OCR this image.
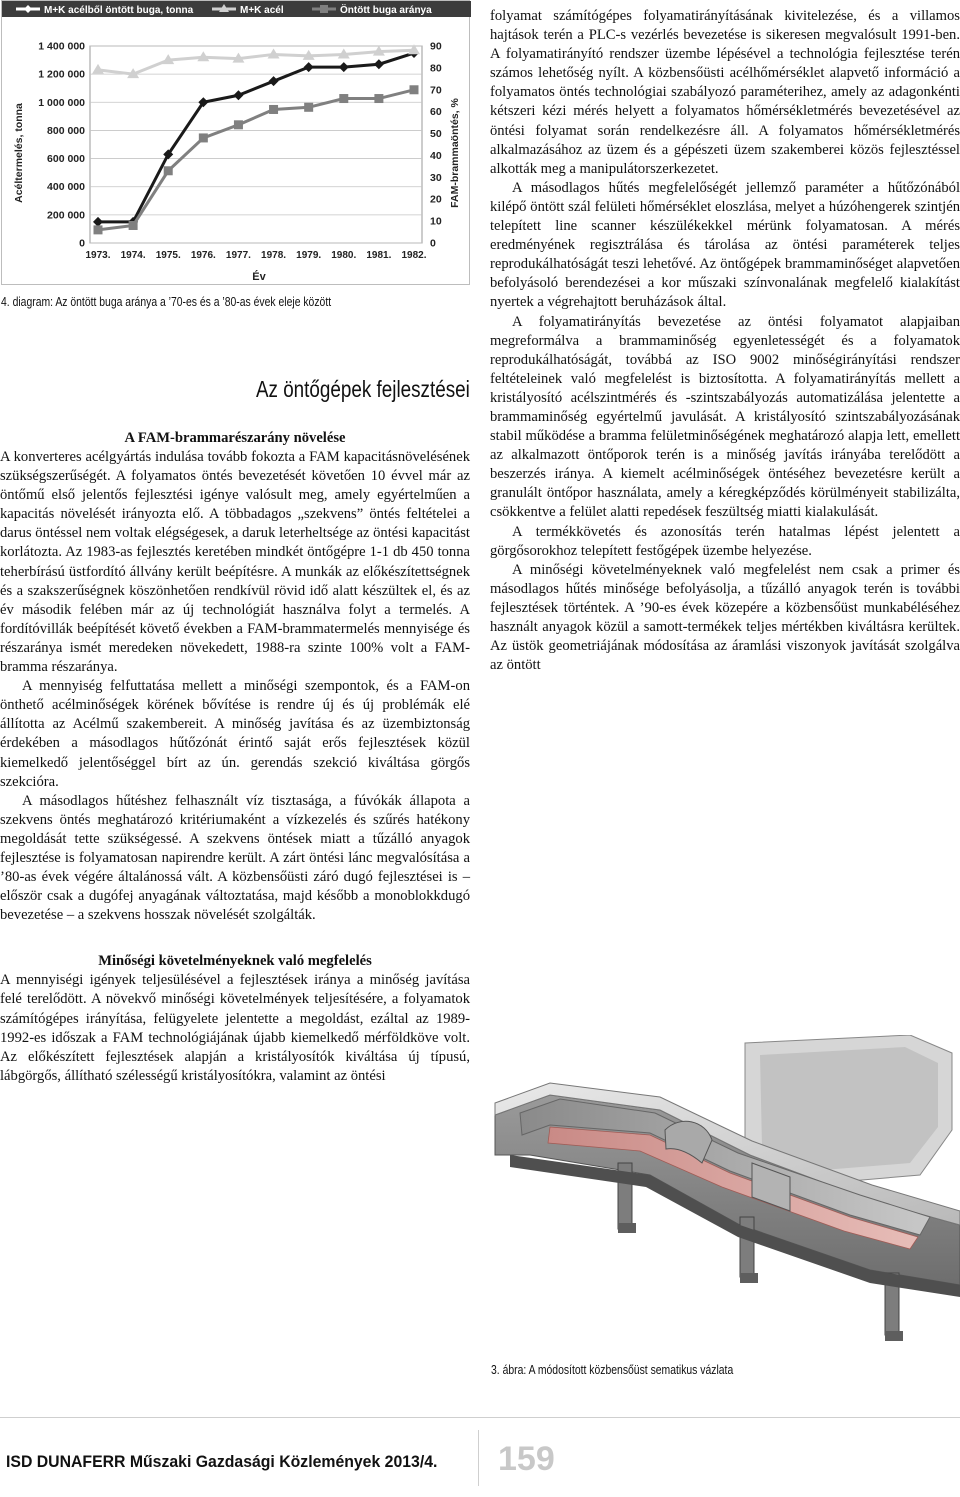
M+K acélből öntött buga, tonna	M+K acél	Öntött buga aránya
0
200 000
400 000
600 000
800 000
1 000 000
1 200 000
1 400 000
0
10
20
30
40
50
60
70
80
90
1973. 1974. 1975. 1976. 1977. 1978. 1979. 1980. 1981. 1982.
Acéltermelés, tonna	FAM-brammaöntés, %
Év
4. diagram: Az öntött buga aránya a ’70-es és a ’80-as évek eleje között
Az öntőgépek fejlesztései
A FAM-brammarészarány növelése

A konverteres acélgyártás indulása tovább fokozta a FAM kapacitásnövelésének szükségszerűségét. A folyamatos öntés bevezetését követően 10 évvel már az öntőmű első jelentős fejlesztési igénye valósult meg, amely egyértelműen a kapacitás növelését irányozta elő. A többadagos „szekvens” öntés feltételei a darus öntéssel nem voltak elégségesek, a daruk leterheltsége az öntési kapacitást korlátozta. Az 1983-as fejlesztés keretében mindkét öntőgépre 1-1 db 450 tonna teherbírású üstfordító állvány került beépítésre. A munkák az előkészítettségnek és a szakszerűségnek köszönhetően rendkívül rövid idő alatt készültek el, és az év második felében már az új technológiát használva folyt a termelés. A fordítóvillák beépítését követő években a FAM-brammatermelés mennyisége és részaránya ismét meredeken növekedett, 1988-ra szinte 100% volt a FAM-bramma részaránya.

A mennyiség felfuttatása mellett a minőségi szempontok, és a FAM-on önthető acélminőségek körének bővítése is rendre új és új problémák elé állította az Acélmű szakembereit. A minőség javítása és az üzembiztonság érdekében a másodlagos hűtőzónát érintő saját erős fejlesztések közül kiemelkedő jelentőséggel bírt az ún. gerendás szekció kiváltása görgős szekcióra.

A másodlagos hűtéshez felhasznált víz tisztasága, a fúvókák állapota a szekvens öntés meghatározó kritériumaként a vízkezelés és szűrés hatékony megoldását tette szükségessé. A szekvens öntések miatt a tűzálló anyagok fejlesztése is folyamatosan napirendre került. A zárt öntési lánc megvalósítása a ’80-as évek végére általánossá vált. A közbensőüsti záró dugó fejlesztései is – először csak a dugófej anyagának változtatása, majd később a monoblokkdugó bevezetése – a szekvens hosszak növelését szolgálták.

Minőségi követelményeknek való megfelelés

A mennyiségi igények teljesülésével a fejlesztések iránya a minőség javítása felé terelődött. A növekvő minőségi követelmények teljesítésére, a folyamatok számítógépes irányítása, felügyelete jelentette a megoldást, ezáltal az 1989-1992-es időszak a FAM technológiájának újabb kiemelkedő mérföldköve volt. Az előkészített fejlesztések alapján a kristályosítók kiváltása új típusú, lábgörgős, állítható szélességű kristályosítókra, valamint az öntési

folyamat számítógépes folyamatirányításának kivitelezése, és a villamos hajtások terén a PLC-s vezérlés bevezetése is sikeresen megvalósult 1991-ben. A folyamatirányító rendszer üzembe lépésével a technológia fejlesztése terén számos lehetőség nyílt. A közbensőüsti acélhőmérséklet alapvető információ a folyamatos öntés technológiai szabályozó paraméterihez, amely az adagonkénti kétszeri kézi mérés helyett a folyamatos hőmérsékletmérés bevezetésével az öntési folyamat során rendelkezésre áll. A folyamatos hőmérsékletmérés alkalmazásához az üzem és a gépészeti üzem szakemberei közös fejlesztéssel alkották meg a manipulátorszerkezetet.

A másodlagos hűtés megfelelőségét jellemző paraméter a hűtőzónából kilépő öntött szál felületi hőmérséklet eloszlása, melyet a húzóhengerek szintjén telepített line scanner készülékekkel mérünk folyamatosan. A mérés eredményének regisztrálása és tárolása az öntési paraméterek teljes reprodukálhatóságát teszi lehetővé. Az öntőgépek brammaminőséget alapvetően befolyásoló berendezései a kor műszaki színvonalának megfelelő kialakítást nyertek a végrehajtott beruházások által.

A folyamatirányítás bevezetése az öntési folyamatot alapjaiban megreformálva a brammaminőség egyenletességét és a folyamatok reprodukálhatóságát, továbbá az ISO 9002 minőségirányítási rendszer feltételeinek való megfelelést is biztosította. A folyamatirányítás mellett a kristályosító acélszintmérés és -szintszabályozás automatizálása jelentette a brammaminőség egyértelmű javulását. A kristályosító szintszabályozásának stabil működése a bramma felületminőségének meghatározó alapja lett, emellett az alkalmazott öntőporok terén is a minőség javítás irányába terelődött a beszerzés iránya. A kiemelt acélminőségek öntéséhez bevezetésre került a granulált öntőpor használata, amely a kéregképződés körülményeit stabilizálta, csökkentve a felület alatti repedések feszültség miatti kialakulását.

A termékkövetés és azonosítás terén hatalmas lépést jelentett a görgősorokhoz telepített festőgépek üzembe helyezése.

A minőségi követelményeknek való megfelelést nem csak a primer és másodlagos hűtés minősége befolyásolja, a tűzálló anyagok terén is további fejlesztések történtek. A ’90-es évek közepére a közbensőüst munkabéléséhez használt anyagok közül a samott-termékek teljes mértékben kiváltásra kerültek. Az üstök geometriájának módosítása az áramlási viszonyok javítását szolgálva az öntött

3. ábra: A módosított közbensőüst sematikus vázlata
ISD DUNAFERR Műszaki Gazdasági Közlemények 2013/4.	159
